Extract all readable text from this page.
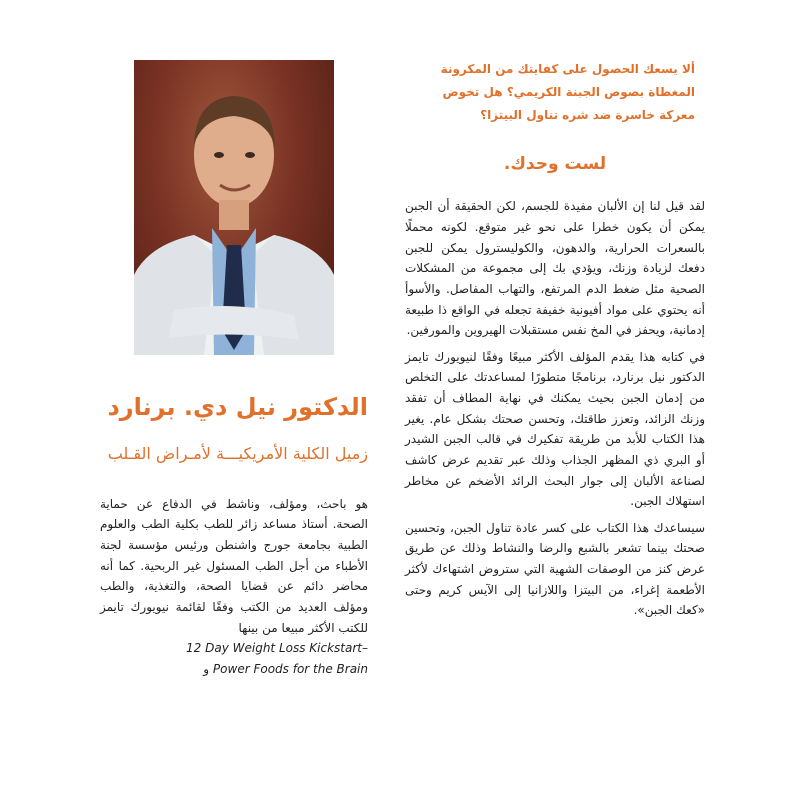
الدكتور نيل دي. برنارد
زميل الكلية الأمريكيـــة لأمـراض القـلب
هو باحث، ومؤلف، وناشط في الدفاع عن حماية الصحة. أستاذ مساعد زائر للطب بكلية الطب والعلوم الطبية بجامعة جورج واشنطن ورئيس مؤسسة لجنة الأطباء من أجل الطب المسئول غير الربحية. كما أنه محاضر دائم عن قضايا الصحة، والتغذية، والطب ومؤلف العديد من الكتب وفقًا لقائمة نيويورك تايمز للكتب الأكثر مبيعا من بينها
12 Day Weight Loss Kickstart–
و Power Foods for the Brain

ألا يسعك الحصول على كفايتك من المكرونة المغطاة بصوص الجبنة الكريمي؟ هل تخوض معركة خاسرة ضد شره تناول البيتزا؟

لست وحدك.

لقد قيل لنا إن الألبان مفيدة للجسم، لكن الحقيقة أن الجبن يمكن أن يكون خطرا على نحو غير متوقع. لكونه محملًا بالسعرات الحرارية، والدهون، والكوليسترول يمكن للجبن دفعك لزيادة وزنك، ويؤدي بك إلى مجموعة من المشكلات الصحية مثل ضغط الدم المرتفع، والتهاب المفاصل. والأسوأ أنه يحتوي على مواد أفيونية خفيفة تجعله في الواقع ذا طبيعة إدمانية، ويحفز في المخ نفس مستقبلات الهيروين والمورفين.

في كتابه هذا يقدم المؤلف الأكثر مبيعًا وفقًا لنيويورك تايمز الدكتور نيل برنارد، برنامجًا متطورًا لمساعدتك على التخلص من إدمان الجبن بحيث يمكنك في نهاية المطاف أن تفقد وزنك الزائد، وتعزز طاقتك، وتحسن صحتك بشكل عام. يغير هذا الكتاب للأبد من طريقة تفكيرك في قالب الجبن الشيدر أو البري ذي المظهر الجذاب وذلك عبر تقديم عرض كاشف لصناعة الألبان إلى جوار البحث الرائد الأضخم عن مخاطر استهلاك الجبن.

سيساعدك هذا الكتاب على كسر عادة تناول الجبن، وتحسين صحتك بينما تشعر بالشبع والرضا والنشاط وذلك عن طريق عرض كنز من الوصفات الشهية التي ستروض اشتهاءك لأكثر الأطعمة إغراء، من البيتزا واللازانيا إلى الآيس كريم وحتى «كعك الجبن».
